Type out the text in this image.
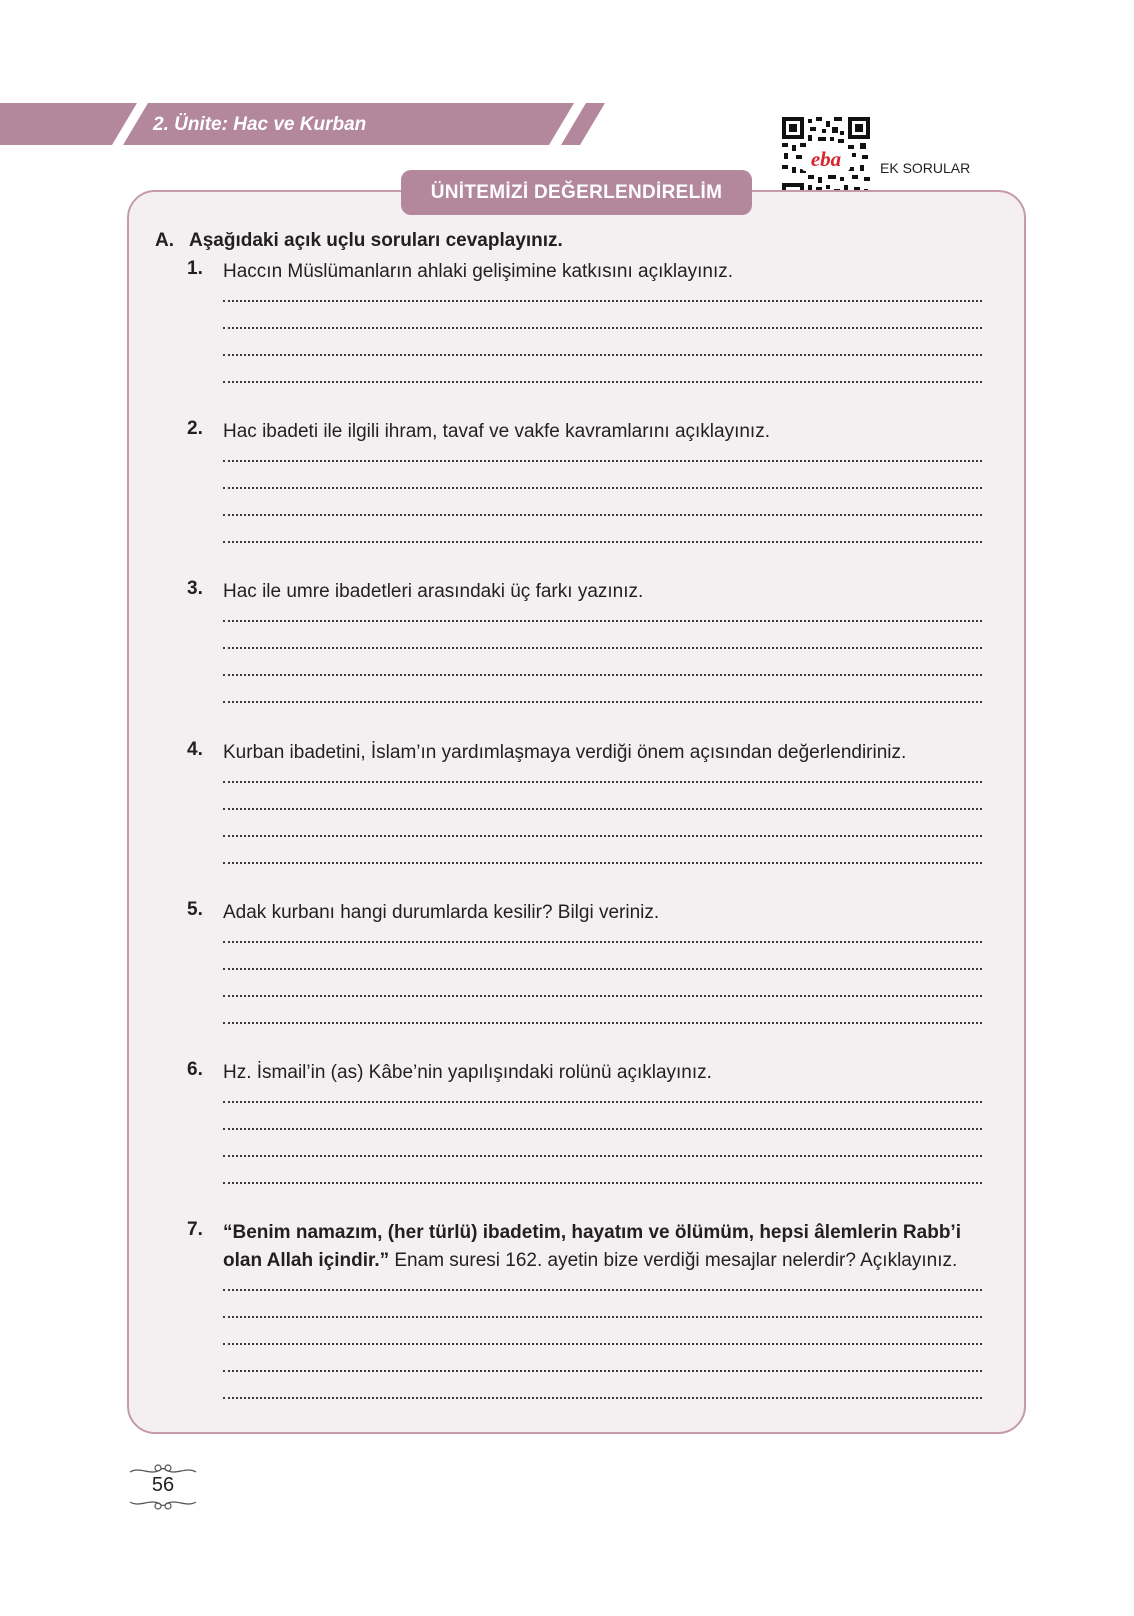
2. Ünite: Hac ve Kurban
eba	EK SORULAR
ÜNİTEMİZİ DEĞERLENDİRELİM
A. Aşağıdaki açık uçlu soruları cevaplayınız.
1. Haccın Müslümanların ahlaki gelişimine katkısını açıklayınız.
2. Hac ibadeti ile ilgili ihram, tavaf ve vakfe kavramlarını açıklayınız.
3. Hac ile umre ibadetleri arasındaki üç farkı yazınız.
4. Kurban ibadetini, İslam’ın yardımlaşmaya verdiği önem açısından değerlendiriniz.
5. Adak kurbanı hangi durumlarda kesilir? Bilgi veriniz.
6. Hz. İsmail’in (as) Kâbe’nin yapılışındaki rolünü açıklayınız.
7. “Benim namazım, (her türlü) ibadetim, hayatım ve ölümüm, hepsi âlemlerin Rabb’i olan Allah içindir.” Enam suresi 162. ayetin bize verdiği mesajlar nelerdir? Açıklayınız.
56
